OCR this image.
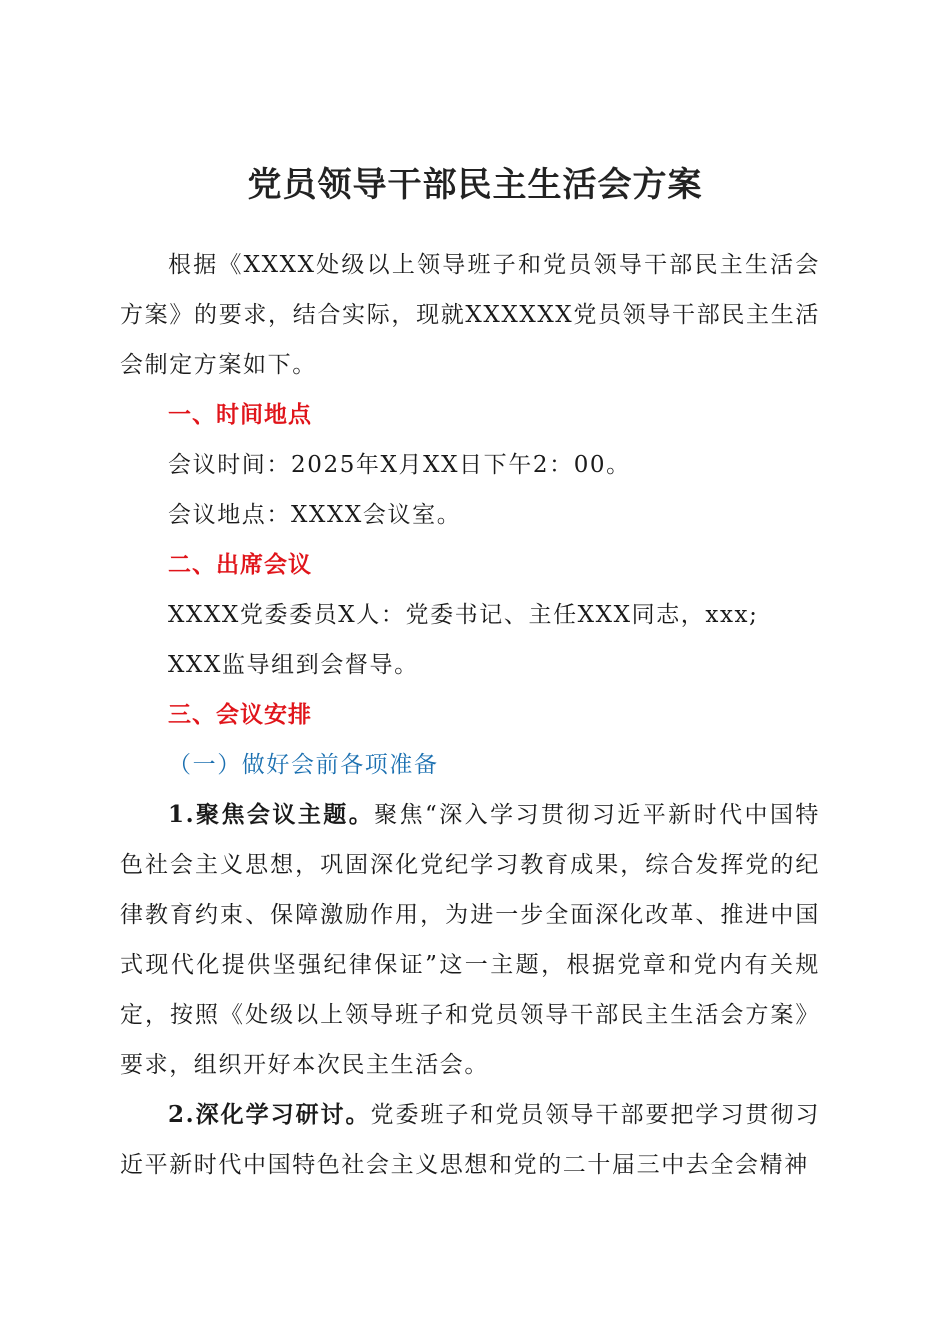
党员领导干部民主生活会方案

根据《XXXX处级以上领导班子和党员领导干部民主生活会方案》的要求，结合实际，现就XXXXXX党员领导干部民主生活会制定方案如下。

一、时间地点

会议时间：2025年X月XX日下午2：00。

会议地点：XXXX会议室。

二、出席会议

XXXX党委委员X人：党委书记、主任XXX同志，xxx;

XXX监导组到会督导。

三、会议安排

（一）做好会前各项准备

1.聚焦会议主题。聚焦“深入学习贯彻习近平新时代中国特色社会主义思想，巩固深化党纪学习教育成果，综合发挥党的纪律教育约束、保障激励作用，为进一步全面深化改革、推进中国式现代化提供坚强纪律保证”这一主题，根据党章和党内有关规定，按照《处级以上领导班子和党员领导干部民主生活会方案》要求，组织开好本次民主生活会。

2.深化学习研讨。党委班子和党员领导干部要把学习贯彻习近平新时代中国特色社会主义思想和党的二十届三中去全会精神
